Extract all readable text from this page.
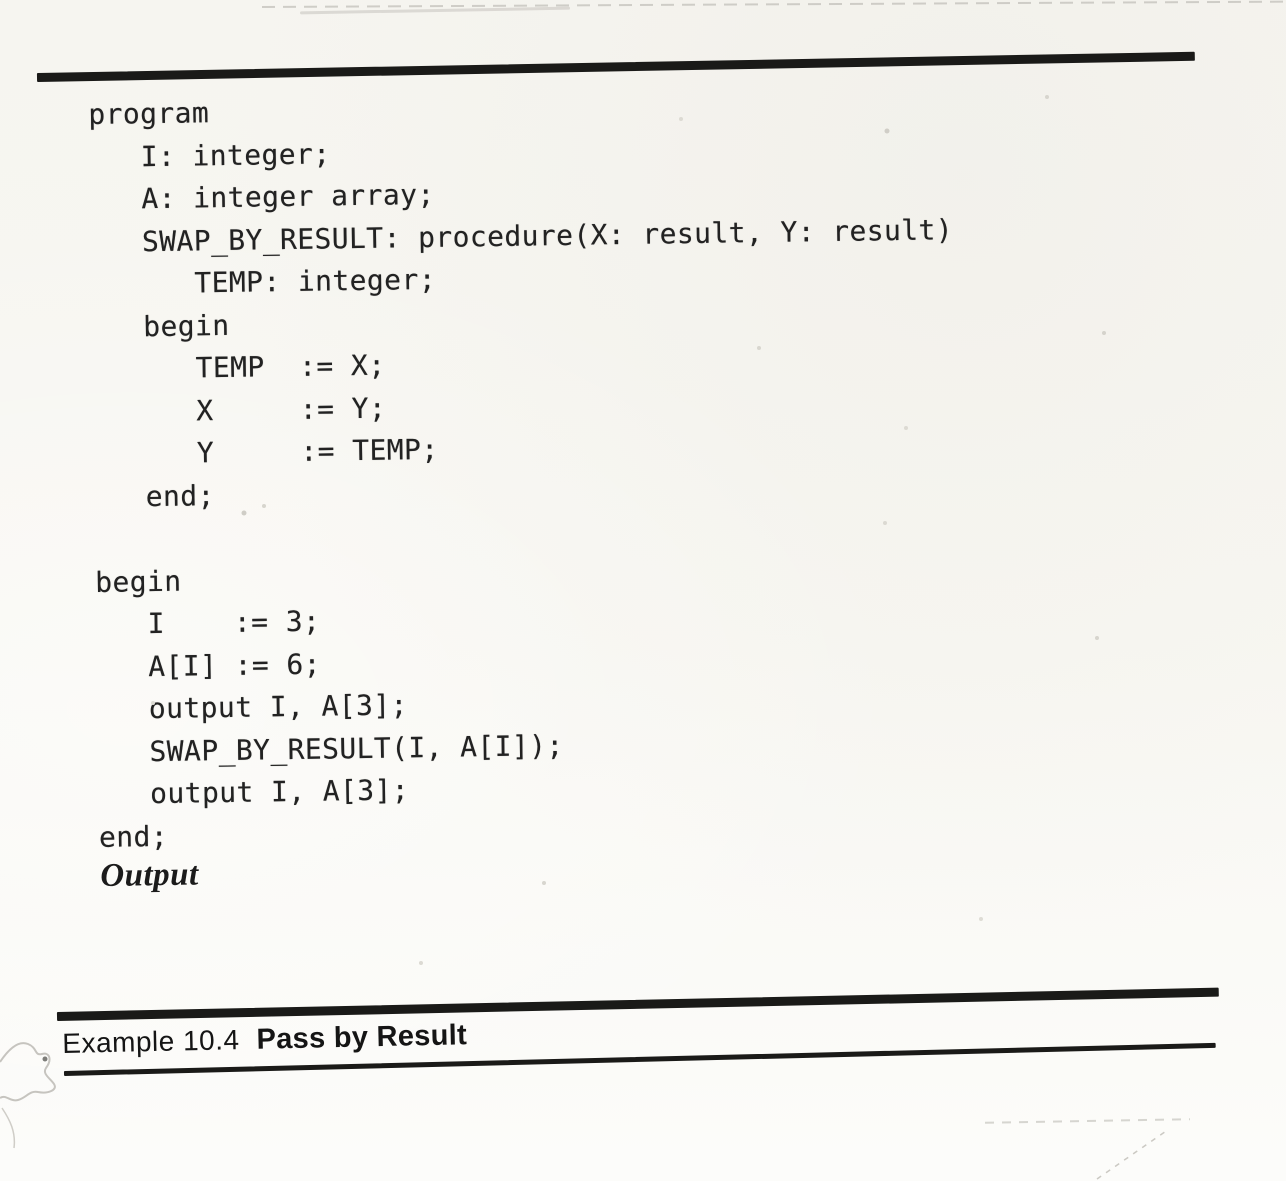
program
I: integer;
A: integer array;
SWAP_BY_RESULT: procedure(X: result, Y: result)
TEMP: integer;
begin
TEMP  := X;
X     := Y;
Y     := TEMP;
end;

begin
I    := 3;
A[I] := 6;
output I, A[3];
SWAP_BY_RESULT(I, A[I]);
output I, A[3];
end;
Output
Example 10.4 Pass by Result
